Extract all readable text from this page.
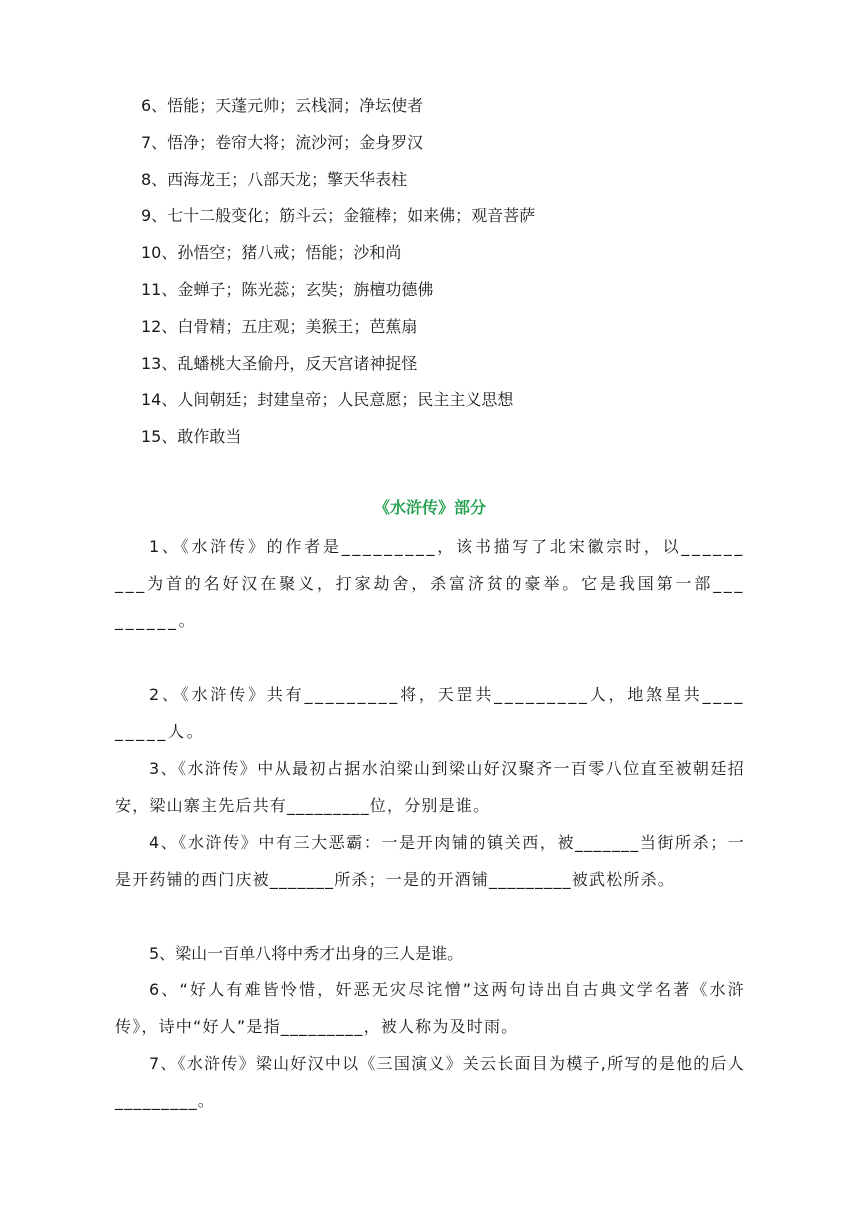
6、悟能；天蓬元帅；云栈洞；净坛使者
7、悟净；卷帘大将；流沙河；金身罗汉
8、西海龙王；八部天龙；擎天华表柱
9、七十二般变化；筋斗云；金箍棒；如来佛；观音菩萨
10、孙悟空；猪八戒；悟能；沙和尚
11、金蝉子；陈光蕊；玄奘；旃檀功德佛
12、白骨精；五庄观；美猴王；芭蕉扇
13、乱蟠桃大圣偷丹，反天宫诸神捉怪
14、人间朝廷；封建皇帝；人民意愿；民主主义思想
15、敢作敢当
《水浒传》部分

1、《水浒传》的作者是_________，该书描写了北宋徽宗时，以_________为首的名好汉在聚义，打家劫舍，杀富济贫的豪举。它是我国第一部_________。

2、《水浒传》共有_________将，天罡共_________人，地煞星共_________人。

3、《水浒传》中从最初占据水泊梁山到梁山好汉聚齐一百零八位直至被朝廷招安，梁山寨主先后共有_________位，分别是谁。

4、《水浒传》中有三大恶霸：一是开肉铺的镇关西，被_______当街所杀；一是开药铺的西门庆被_______所杀；一是的开酒铺_________被武松所杀。

5、梁山一百单八将中秀才出身的三人是谁。

6、“好人有难皆怜惜，奸恶无灾尽诧憎”这两句诗出自古典文学名著《水浒传》，诗中“好人”是指_________，被人称为及时雨。

7、《水浒传》梁山好汉中以《三国演义》关云长面目为模子,所写的是他的后人_________。
